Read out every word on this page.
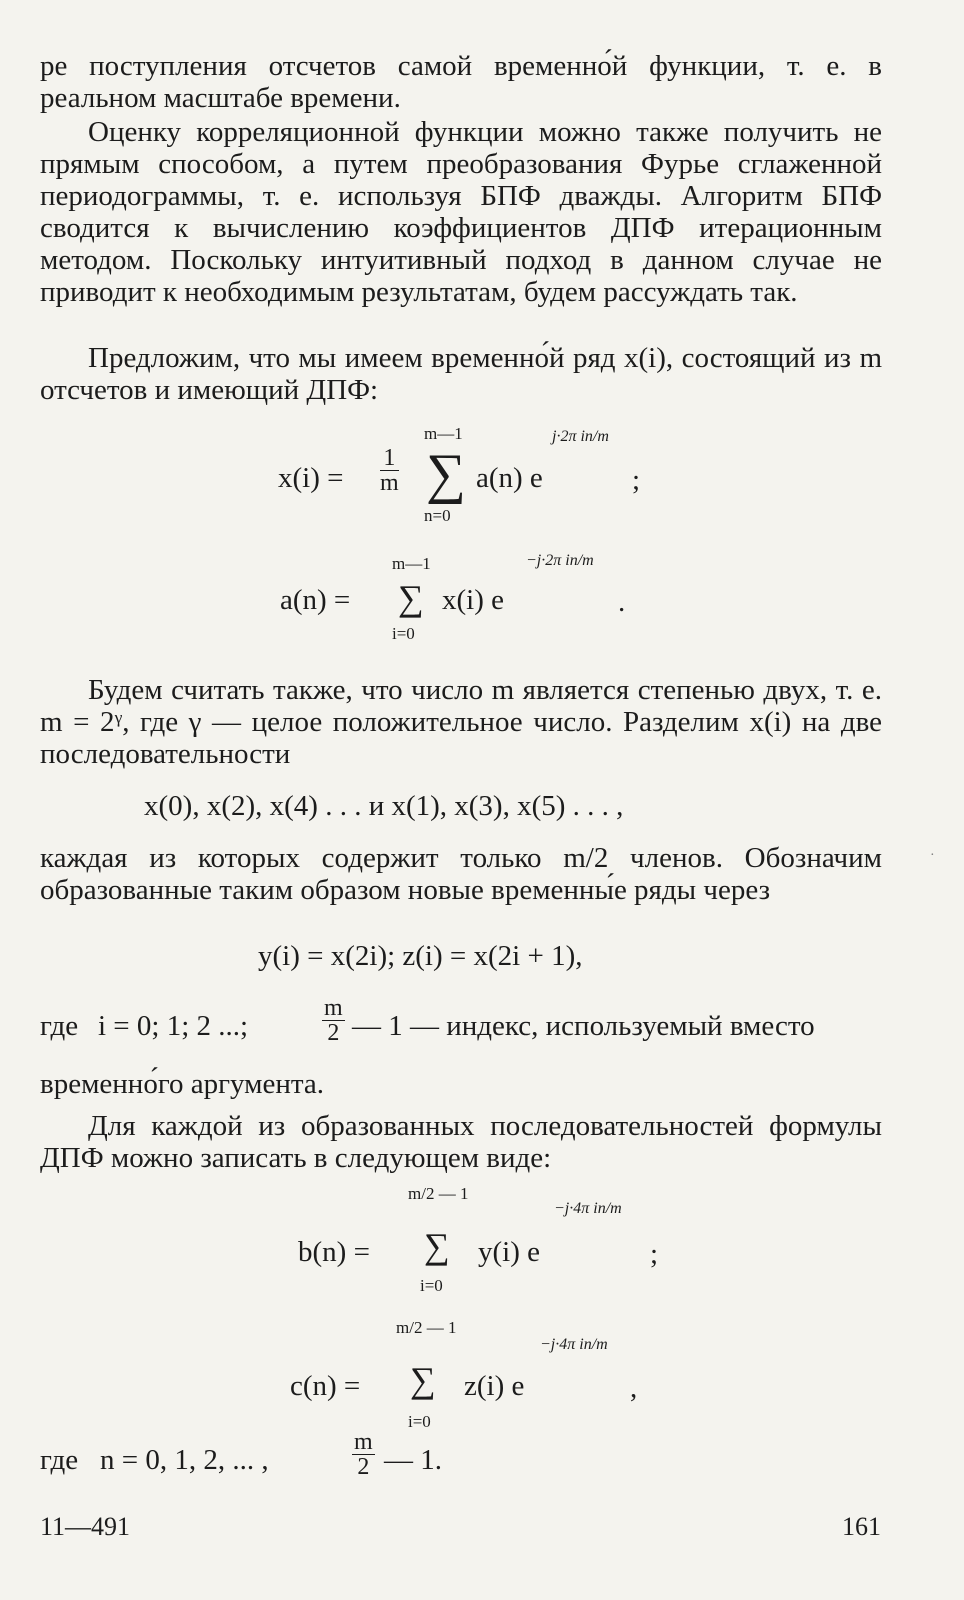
ре поступления отсчетов самой временно́й функции, т. е. в реальном масштабе времени.

Оценку корреляционной функции можно также получить не прямым способом, а путем преобразования Фурье сглаженной периодограммы, т. е. используя БПФ дважды. Алгоритм БПФ сводится к вычислению коэффициентов ДПФ итерационным методом. Поскольку интуитивный подход в данном случае не приводит к необходимым результатам, будем рассуждать так.

Предложим, что мы имеем временно́й ряд x(i), состоящий из m отсчетов и имеющий ДПФ:

$x(i) = \frac{1}{m}$
m—1
∑
n=0
a(n) e
j·2π in/m
;
a(n) =
m—1
∑
i=0
x(i) e
−j·2π in/m
.

Будем считать также, что число m является степенью двух, т. е. m = 2ᵞ, где γ — целое положительное число. Разделим x(i) на две последовательности

x(0), x(2), x(4) . . . и x(1), x(3), x(5) . . . ,

каждая из которых содержит только m/2 членов. Обозначим образованные таким образом новые временны́е ряды через

y(i) = x(2i); z(i) = x(2i + 1),
где i = 0; 1; 2 ...;	$\frac{m}{2}$ — 1 — индекс, используемый вместо

временно́го аргумента.

Для каждой из образованных последовательностей формулы ДПФ можно записать в следующем виде:

b(n) =
m/2 — 1
∑
i=0
y(i) e
−j·4π in/m
;
c(n) =
m/2 — 1
∑
i=0
z(i) e
−j·4π in/m
,
где n = 0, 1, 2, ... ,	$\frac{m}{2}$ — 1.
11—491	161
·
